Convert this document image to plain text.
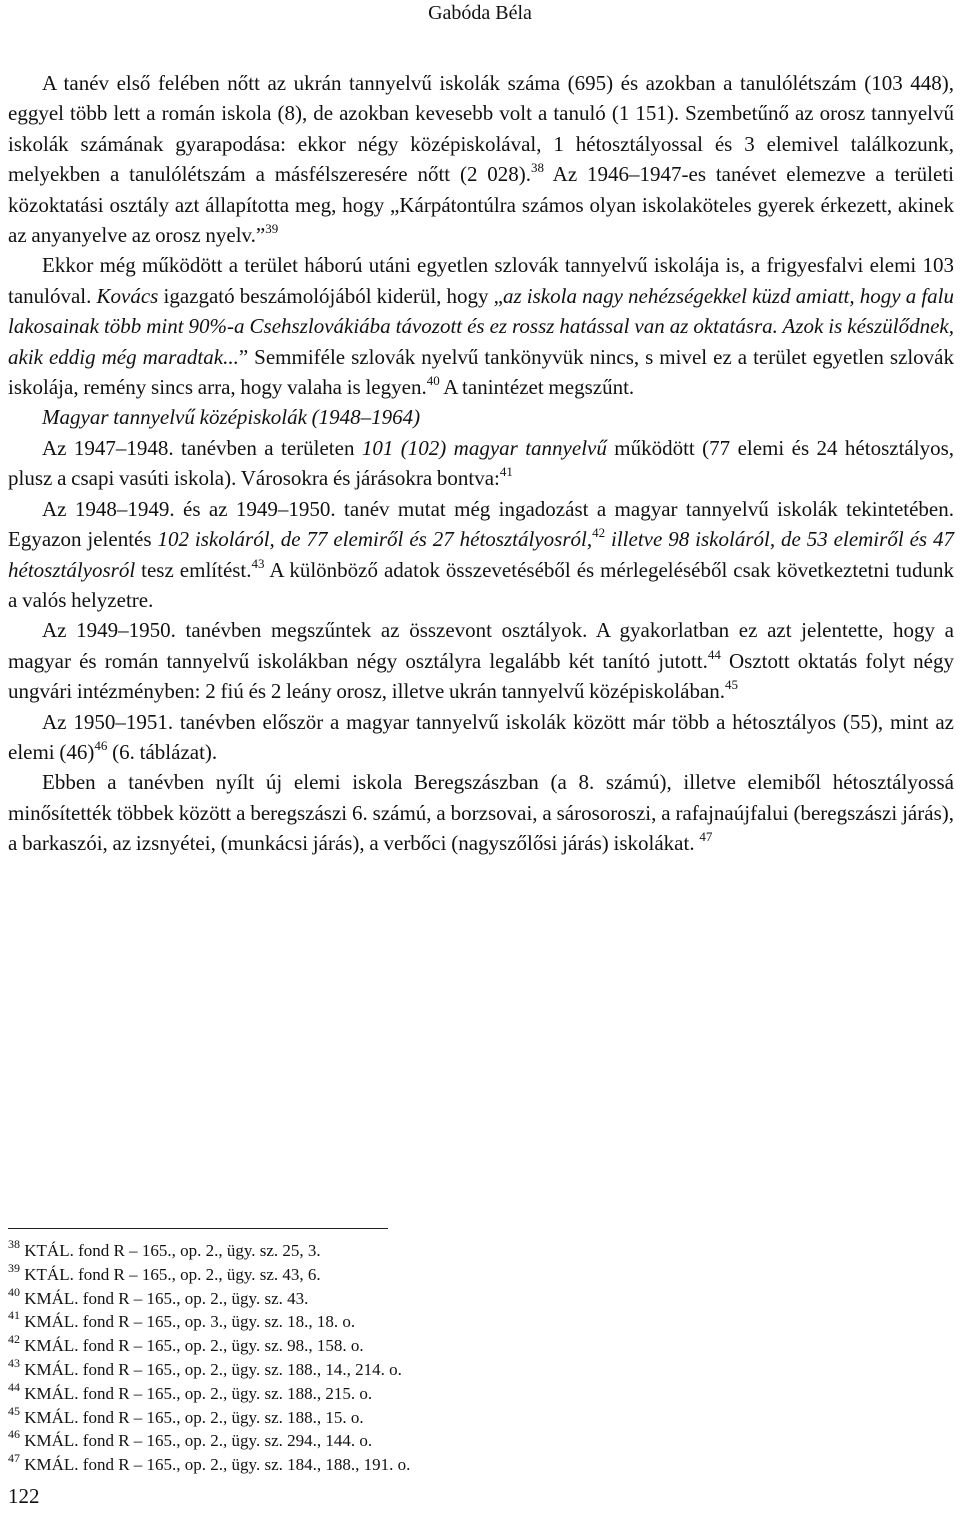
Gabóda Béla

A tanév első felében nőtt az ukrán tannyelvű iskolák száma (695) és azokban a tanulólétszám (103 448), eggyel több lett a román iskola (8), de azokban kevesebb volt a tanuló (1 151). Szembetűnő az orosz tannyelvű iskolák számának gyarapodása: ekkor négy középiskolával, 1 hétosztályossal és 3 elemivel találkozunk, melyekben a tanulólétszám a másfélszeresére nőtt (2 028).$^{38}$ Az 1946–1947-es tanévet elemezve a területi közoktatási osztály azt állapította meg, hogy „Kárpátontúlra számos olyan iskolaköteles gyerek érkezett, akinek az anyanyelve az orosz nyelv.”$^{39}$

Ekkor még működött a terület háború utáni egyetlen szlovák tannyelvű iskolája is, a frigyesfalvi elemi 103 tanulóval. Kovács igazgató beszámolójából kiderül, hogy „az iskola nagy nehézségekkel küzd amiatt, hogy a falu lakosainak több mint 90%-a Csehszlovákiába távozott és ez rossz hatással van az oktatásra. Azok is készülődnek, akik eddig még maradtak...” Semmiféle szlovák nyelvű tankönyvük nincs, s mivel ez a terület egyetlen szlovák iskolája, remény sincs arra, hogy valaha is legyen.$^{40}$ A tanintézet megszűnt.

Magyar tannyelvű középiskolák (1948–1964)

Az 1947–1948. tanévben a területen 101 (102) magyar tannyelvű működött (77 elemi és 24 hétosztályos, plusz a csapi vasúti iskola). Városokra és járásokra bontva:$^{41}$

Az 1948–1949. és az 1949–1950. tanév mutat még ingadozást a magyar tannyelvű iskolák tekintetében. Egyazon jelentés 102 iskoláról, de 77 elemiről és 27 hétosztályosról,$^{42}$ illetve 98 iskoláról, de 53 elemiről és 47 hétosztályosról tesz említést.$^{43}$ A különböző adatok összevetéséből és mérlegeléséből csak következtetni tudunk a valós helyzetre.

Az 1949–1950. tanévben megszűntek az összevont osztályok. A gyakorlatban ez azt jelentette, hogy a magyar és román tannyelvű iskolákban négy osztályra legalább két tanító jutott.$^{44}$ Osztott oktatás folyt négy ungvári intézményben: 2 fiú és 2 leány orosz, illetve ukrán tannyelvű középiskolában.$^{45}$

Az 1950–1951. tanévben először a magyar tannyelvű iskolák között már több a hétosztályos (55), mint az elemi $(46)^{46}$ (6. táblázat).

Ebben a tanévben nyílt új elemi iskola Beregszászban (a 8. számú), illetve elemiből hétosztályossá minősítették többek között a beregszászi 6. számú, a borzsovai, a sárosoroszi, a rafajnaújfalui (beregszászi járás), a barkaszói, az izsnyétei, (munkácsi járás), a verbőci (nagyszőlősi járás) iskolákat. $^{47}$

$^{38}$ KTÁL. fond R – 165., op. 2., ügy. sz. 25, 3.

$^{39}$ KTÁL. fond R – 165., op. 2., ügy. sz. 43, 6.

$^{40}$ KMÁL. fond R – 165., op. 2., ügy. sz. 43.

$^{41}$ KMÁL. fond R – 165., op. 3., ügy. sz. 18., 18. o.

$^{42}$ KMÁL. fond R – 165., op. 2., ügy. sz. 98., 158. o.

$^{43}$ KMÁL. fond R – 165., op. 2., ügy. sz. 188., 14., 214. o.

$^{44}$ KMÁL. fond R – 165., op. 2., ügy. sz. 188., 215. o.

$^{45}$ KMÁL. fond R – 165., op. 2., ügy. sz. 188., 15. o.

$^{46}$ KMÁL. fond R – 165., op. 2., ügy. sz. 294., 144. o.

$^{47}$ KMÁL. fond R – 165., op. 2., ügy. sz. 184., 188., 191. o.

122
